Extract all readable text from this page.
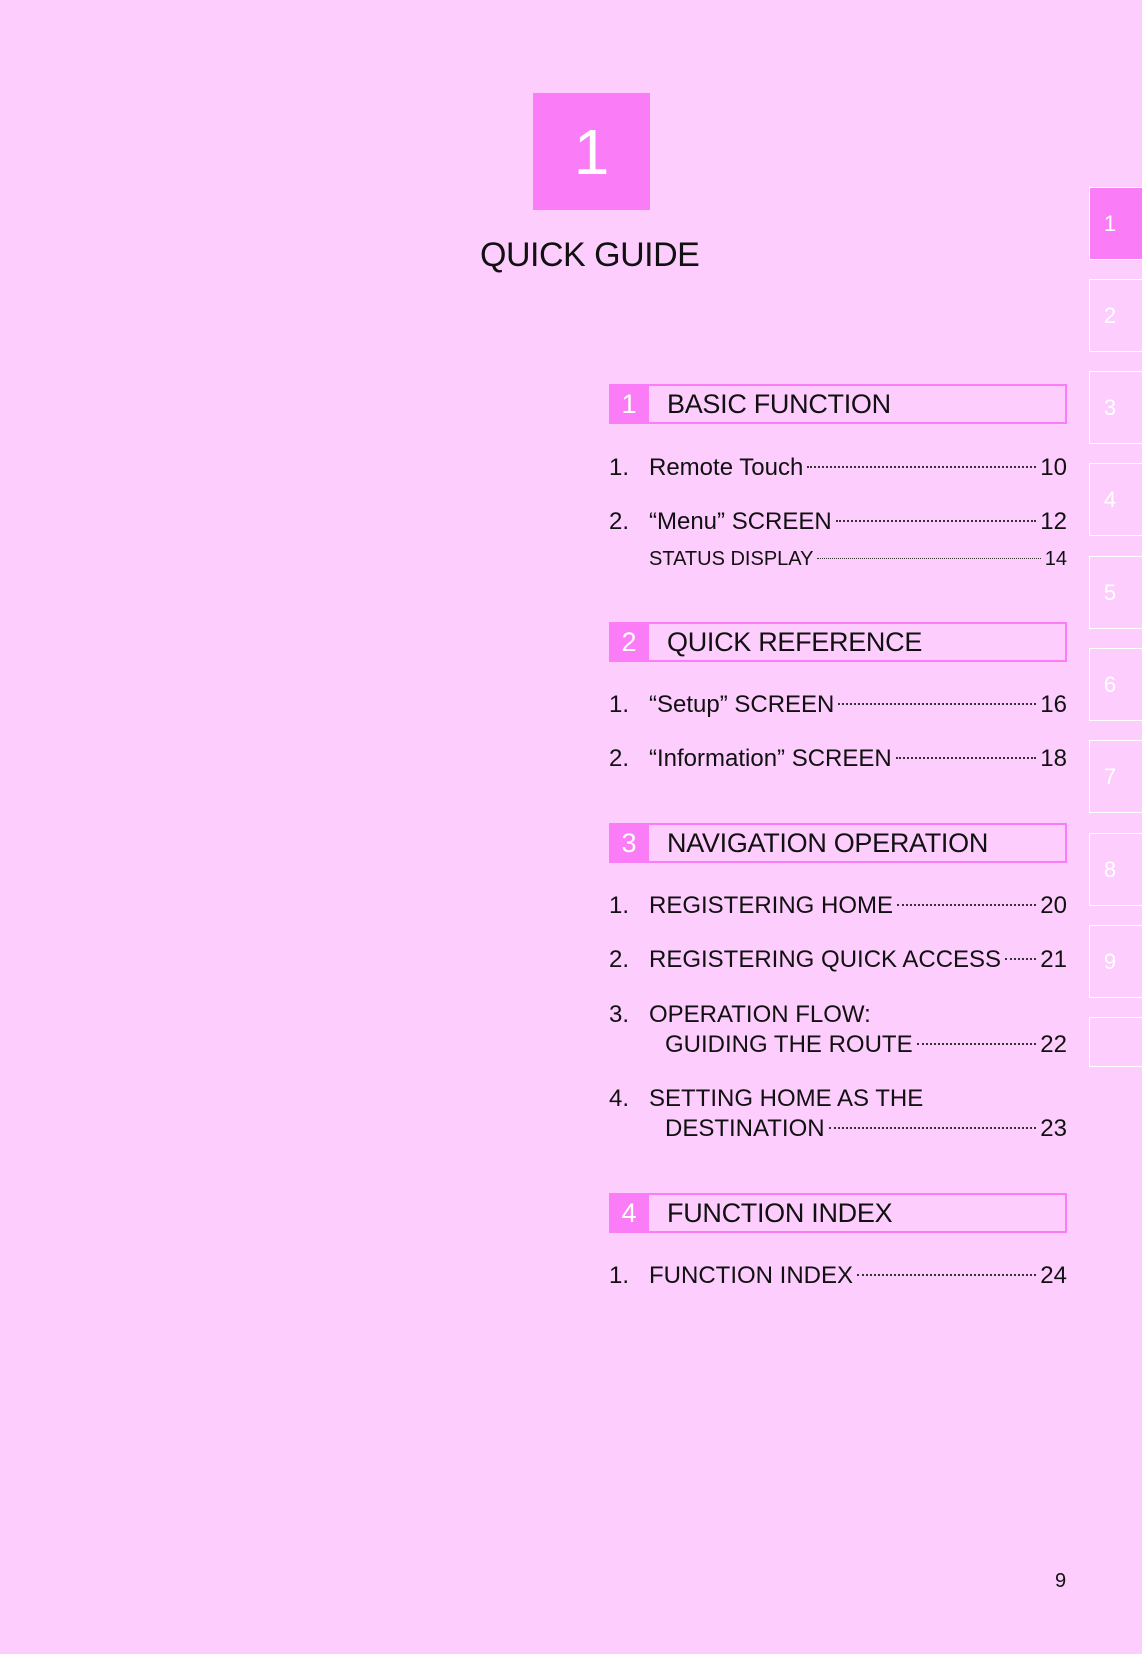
1
QUICK GUIDE
1	BASIC FUNCTION
1. Remote Touch	10
2. “Menu” SCREEN	12
STATUS DISPLAY	14
2	QUICK REFERENCE
1. “Setup” SCREEN	16
2. “Information” SCREEN	18
3	NAVIGATION OPERATION
1. REGISTERING HOME	20
2. REGISTERING QUICK ACCESS 21
3. OPERATION FLOW:
GUIDING THE ROUTE	22
4. SETTING HOME AS THE
DESTINATION	23
4	FUNCTION INDEX
1. FUNCTION INDEX	24
1
2
3
4
5
6
7
8
9
9
